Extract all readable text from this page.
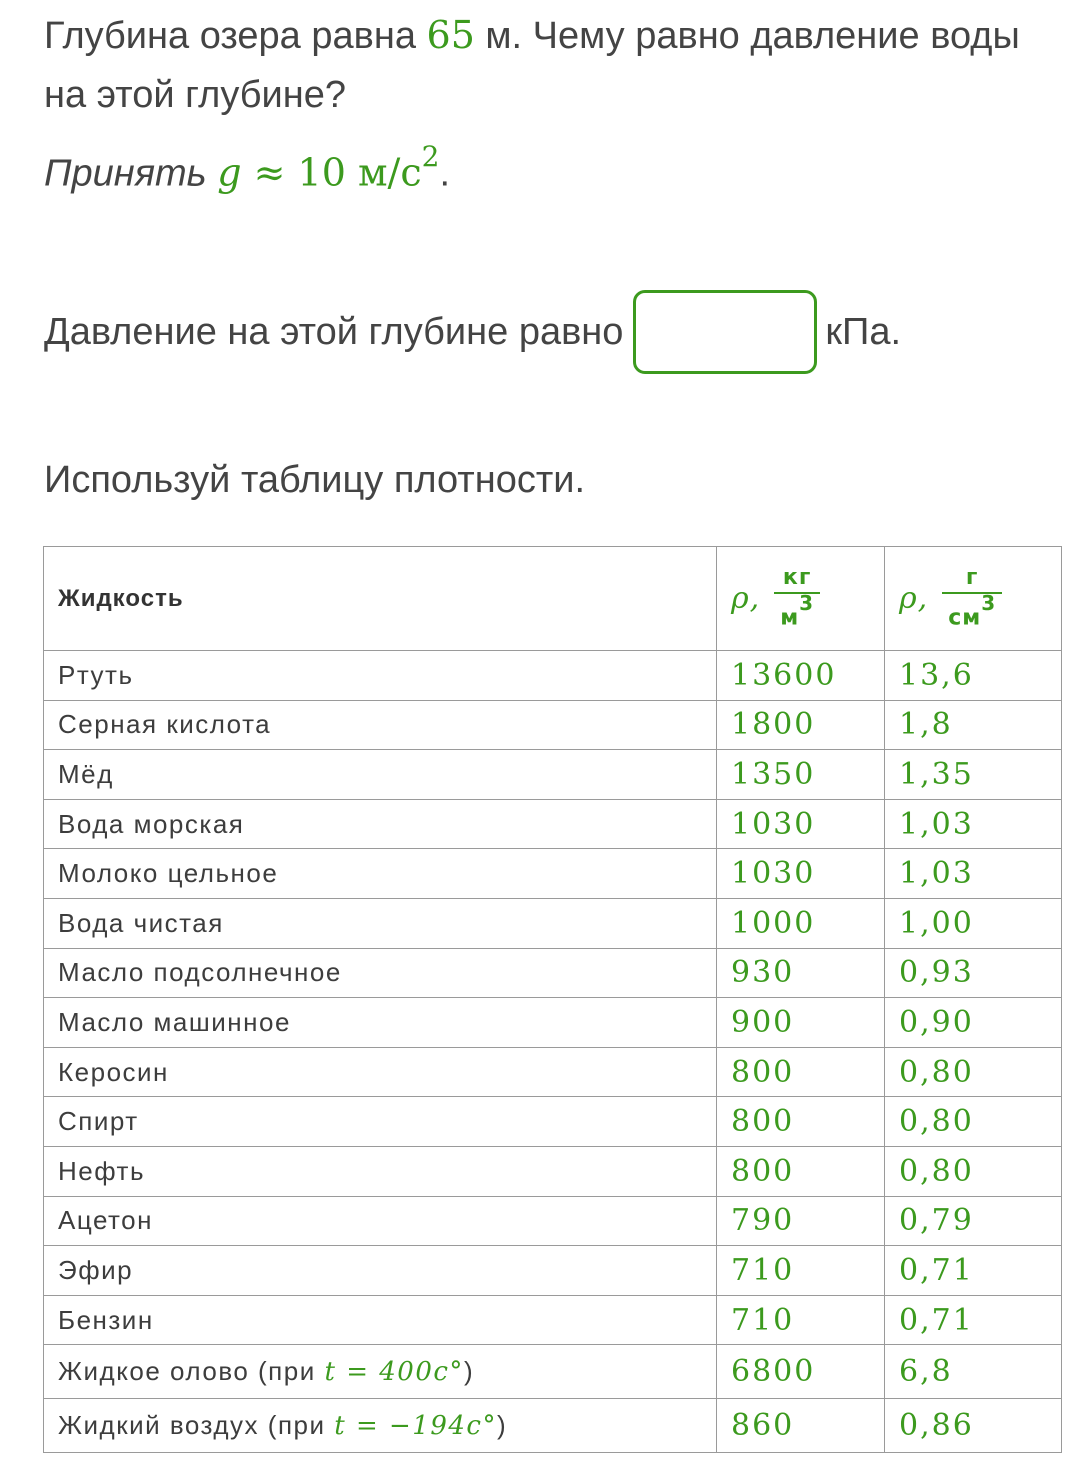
Глубина озера равна 65 м. Чему равно давление воды
на этой глубине?
Принять g ≈ 10 $м/с^2$.
Давление на этой глубине равно	кПа.
Используй таблицу плотности.
Жидкость	ρ, $\frac{кг}{м^3}$	ρ, $\frac{г}{см^3}$

Ртуть	13600	13,6
Серная кислота	1800	1,8
Мёд	1350	1,35
Вода морская	1030	1,03
Молоко цельное	1030	1,03
Вода чистая	1000	1,00
Масло подсолнечное	930	0,93
Масло машинное	900	0,90
Керосин	800	0,80
Спирт	800	0,80
Нефть	800	0,80
Ацетон	790	0,79
Эфир	710	0,71
Бензин	710	0,71
Жидкое олово (при t = 400c°)	6800	6,8
Жидкий воздух (при t = −194c°)	860	0,86
